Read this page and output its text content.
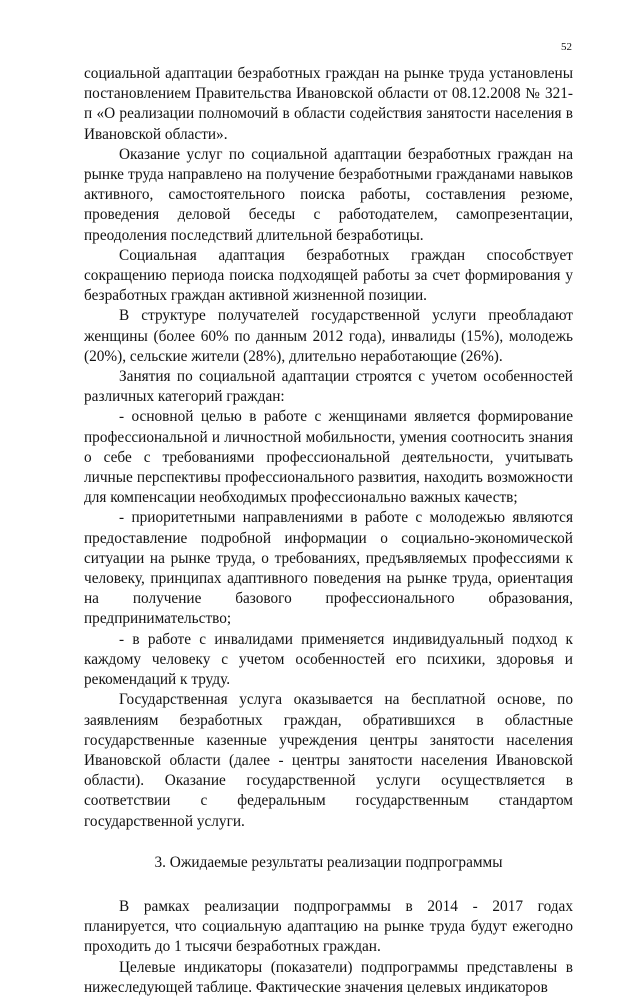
52

социальной адаптации безработных граждан на рынке труда установлены постановлением Правительства Ивановской области от 08.12.2008 № 321-п «О реализации полномочий в области содействия занятости населения в Ивановской области».

Оказание услуг по социальной адаптации безработных граждан на рынке труда направлено на получение безработными гражданами навыков активного, самостоятельного поиска работы, составления резюме, проведения деловой беседы с работодателем, самопрезентации, преодоления последствий длительной безработицы.

Социальная адаптация безработных граждан способствует сокращению периода поиска подходящей работы за счет формирования у безработных граждан активной жизненной позиции.

В структуре получателей государственной услуги преобладают женщины (более 60% по данным 2012 года), инвалиды (15%), молодежь (20%), сельские жители (28%), длительно неработающие (26%).

Занятия по социальной адаптации строятся с учетом особенностей различных категорий граждан:

- основной целью в работе с женщинами является формирование профессиональной и личностной мобильности, умения соотносить знания о себе с требованиями профессиональной деятельности, учитывать личные перспективы профессионального развития, находить возможности для компенсации необходимых профессионально важных качеств;

- приоритетными направлениями в работе с молодежью являются предоставление подробной информации о социально-экономической ситуации на рынке труда, о требованиях, предъявляемых профессиями к человеку, принципах адаптивного поведения на рынке труда, ориентация на получение базового профессионального образования, предпринимательство;

- в работе с инвалидами применяется индивидуальный подход к каждому человеку с учетом особенностей его психики, здоровья и рекомендаций к труду.

Государственная услуга оказывается на бесплатной основе, по заявлениям безработных граждан, обратившихся в областные государственные казенные учреждения центры занятости населения Ивановской области (далее - центры занятости населения Ивановской области). Оказание государственной услуги осуществляется в соответствии с федеральным государственным стандартом государственной услуги.

3. Ожидаемые результаты реализации подпрограммы

В рамках реализации подпрограммы в 2014 - 2017 годах планируется, что социальную адаптацию на рынке труда будут ежегодно проходить до 1 тысячи безработных граждан.

Целевые индикаторы (показатели) подпрограммы представлены в нижеследующей таблице. Фактические значения целевых индикаторов
